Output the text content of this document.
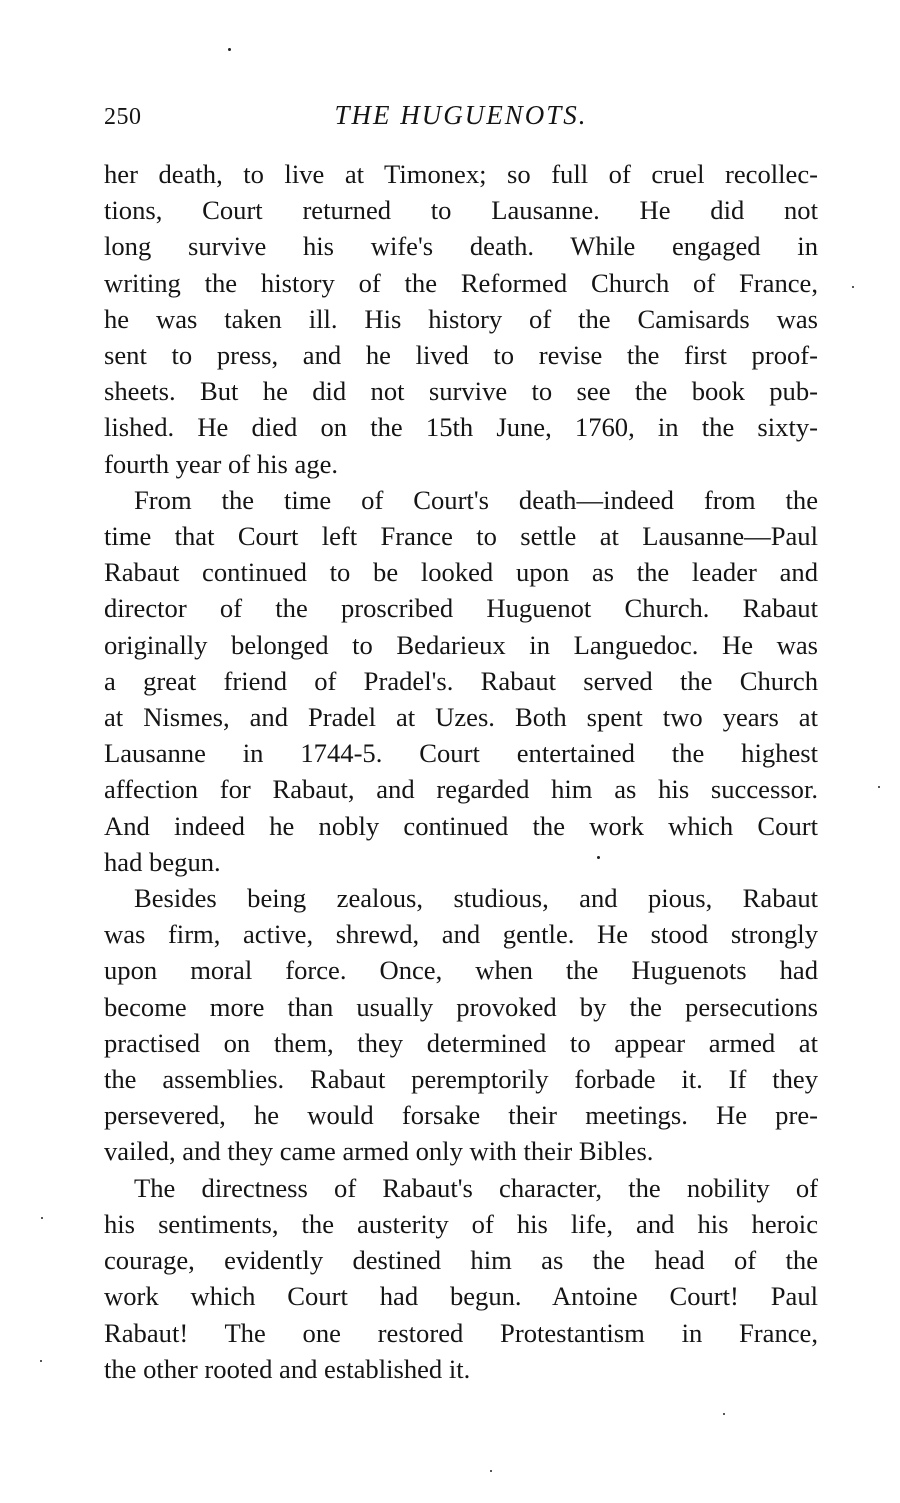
250	THE HUGUENOTS.
her death, to live at Timonex; so full of cruel recollec-
tions, Court returned to Lausanne. He did not
long survive his wife's death. While engaged in
writing the history of the Reformed Church of France,
he was taken ill. His history of the Camisards was
sent to press, and he lived to revise the first proof-
sheets. But he did not survive to see the book pub-
lished. He died on the 15th June, 1760, in the sixty-
fourth year of his age.
From the time of Court's death—indeed from the
time that Court left France to settle at Lausanne—Paul
Rabaut continued to be looked upon as the leader and
director of the proscribed Huguenot Church. Rabaut
originally belonged to Bedarieux in Languedoc. He was
a great friend of Pradel's. Rabaut served the Church
at Nismes, and Pradel at Uzes. Both spent two years at
Lausanne in 1744-5. Court entertained the highest
affection for Rabaut, and regarded him as his successor.
And indeed he nobly continued the work which Court
had begun.
Besides being zealous, studious, and pious, Rabaut
was firm, active, shrewd, and gentle. He stood strongly
upon moral force. Once, when the Huguenots had
become more than usually provoked by the persecutions
practised on them, they determined to appear armed at
the assemblies. Rabaut peremptorily forbade it. If they
persevered, he would forsake their meetings. He pre-
vailed, and they came armed only with their Bibles.
The directness of Rabaut's character, the nobility of
his sentiments, the austerity of his life, and his heroic
courage, evidently destined him as the head of the
work which Court had begun. Antoine Court! Paul
Rabaut! The one restored Protestantism in France,
the other rooted and established it.
